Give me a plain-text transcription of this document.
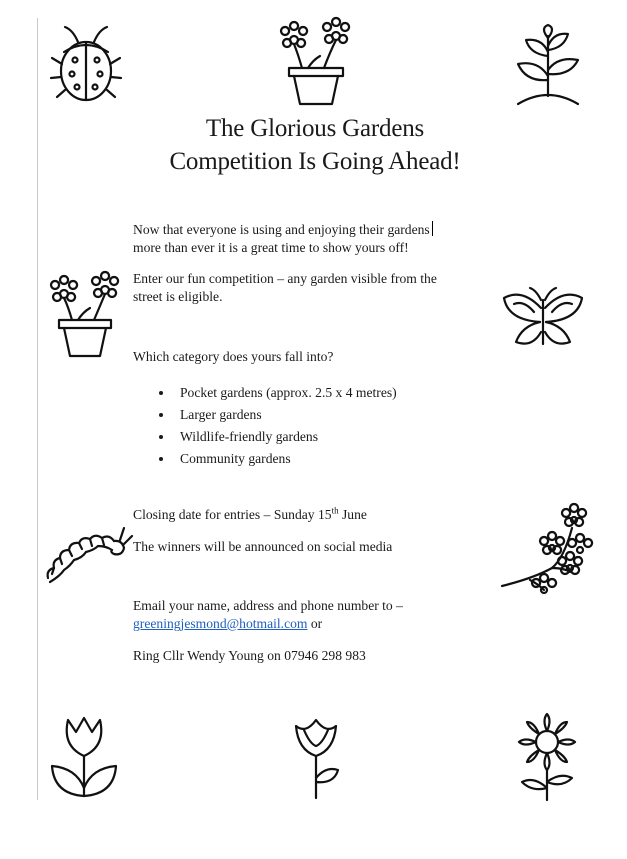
The Glorious Gardens
Competition Is Going Ahead!
Now that everyone is using and enjoying their gardens
more than ever it is a great time to show yours off!
Enter our fun competition – any garden visible from the
street is eligible.
Which category does yours fall into?
Pocket gardens (approx. 2.5 x 4 metres)
Larger gardens
Wildlife-friendly gardens
Community gardens
Closing date for entries – Sunday 15th June
The winners will be announced on social media
Email your name, address and phone number to –
greeningjesmond@hotmail.com or
Ring Cllr Wendy Young on 07946 298 983
